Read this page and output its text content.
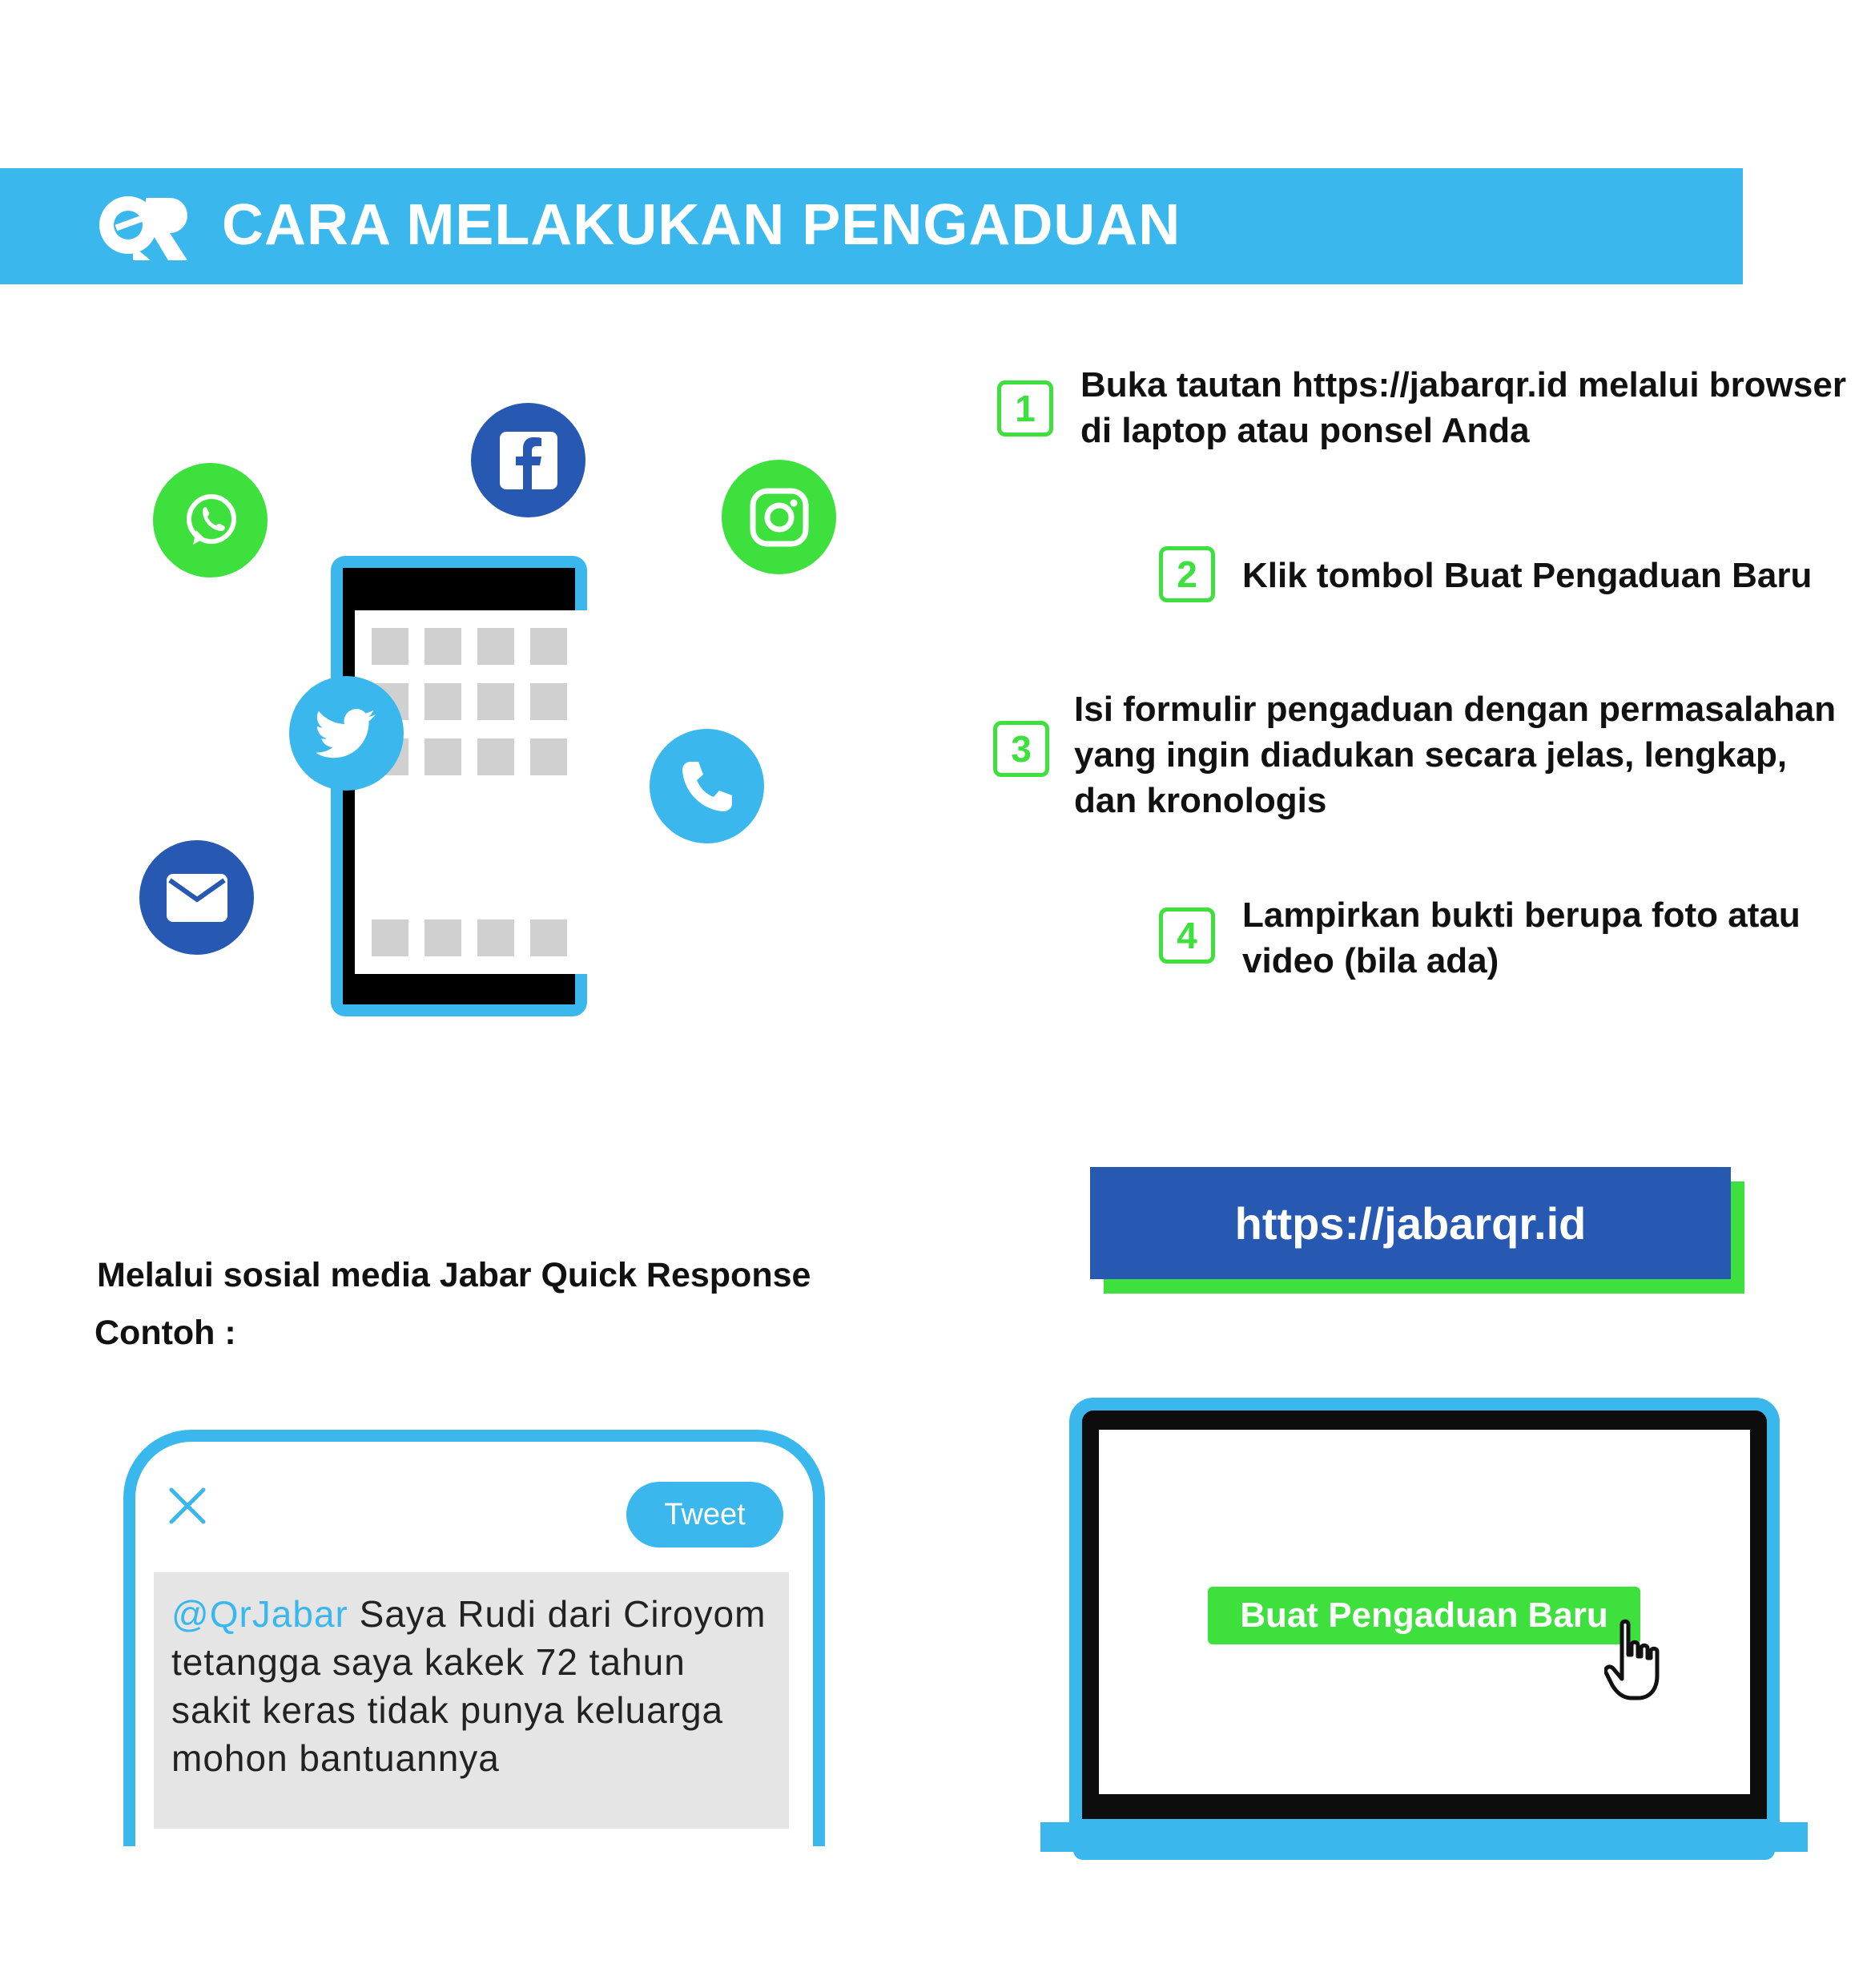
CARA MELAKUKAN PENGADUAN
1
Buka tautan https://jabarqr.id melalui browser di laptop atau ponsel Anda
2	Klik tombol Buat Pengaduan Baru
3
Isi formulir pengaduan dengan permasalahan yang ingin diadukan secara jelas, lengkap, dan kronologis
4	Lampirkan bukti berupa foto atau video (bila ada)
Melalui sosial media Jabar Quick Response
Contoh :
Tweet
@QrJabar Saya Rudi dari Ciroyom tetangga saya kakek 72 tahun sakit keras tidak punya keluarga mohon bantuannya
https://jabarqr.id
Buat Pengaduan Baru
